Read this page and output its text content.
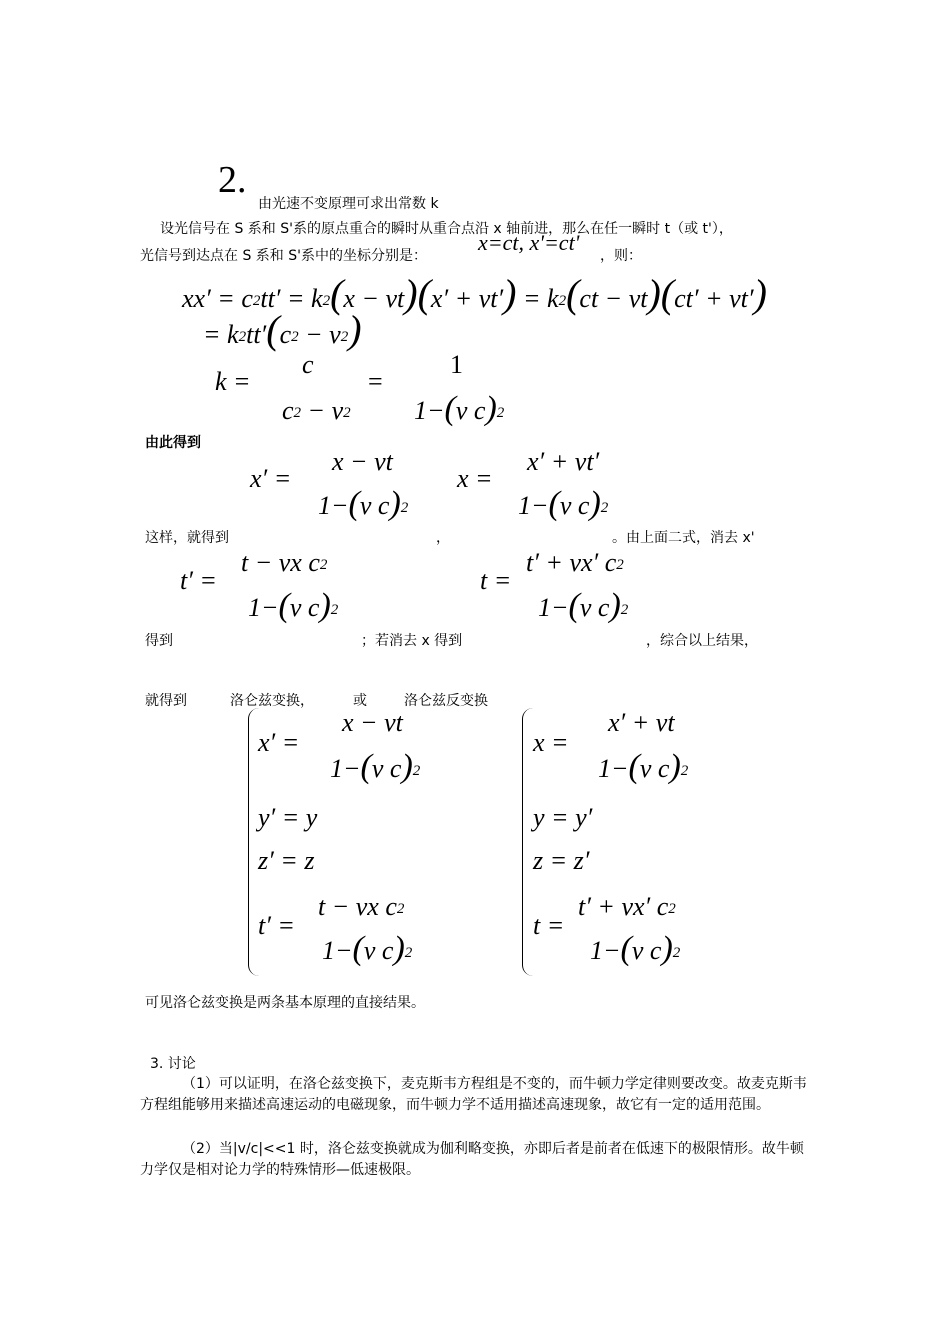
2.
由光速不变原理可求出常数 k
设光信号在 S 系和 S'系的原点重合的瞬时从重合点沿 x 轴前进，那么在任一瞬时 t（或 t'），
光信号到达点在 S 系和 S'系中的坐标分别是：
x=ct, x'=ct'
，则：
xx′ = c2tt′ = k2(x − vt)(x′ + vt′) = k2(ct − vt)(ct′ + vt′)
= k2tt′(c2 − v2)
k =
c
c2 − v2
=
1
1−(v c)2
由此得到
x′ =
x − vt
1−(v c)2
x =
x′ + vt′
1−(v c)2
这样，就得到	，	。由上面二式，消去 x'
t′ =
t − vx c2
1−(v c)2
t =
t′ + vx′ c2
1−(v c)2
得到	；若消去 x 得到	，综合以上结果，
就得到	洛仑兹变换，	或	洛仑兹反变换
x′ =
x − vt
1−(v c)2
y′ = y
z′ = z
t′ =
t − vx c2
1−(v c)2
x =
x′ + vt
1−(v c)2
y = y′
z = z′
t =
t′ + vx′ c2
1−(v c)2
可见洛仑兹变换是两条基本原理的直接结果。
3. 讨论
（1）可以证明，在洛仑兹变换下，麦克斯韦方程组是不变的，而牛顿力学定律则要改变。故麦克斯韦方程组能够用来描述高速运动的电磁现象，而牛顿力学不适用描述高速现象，故它有一定的适用范围。
（2）当|v/c|<<1 时，洛仑兹变换就成为伽利略变换，亦即后者是前者在低速下的极限情形。故牛顿力学仅是相对论力学的特殊情形—低速极限。
